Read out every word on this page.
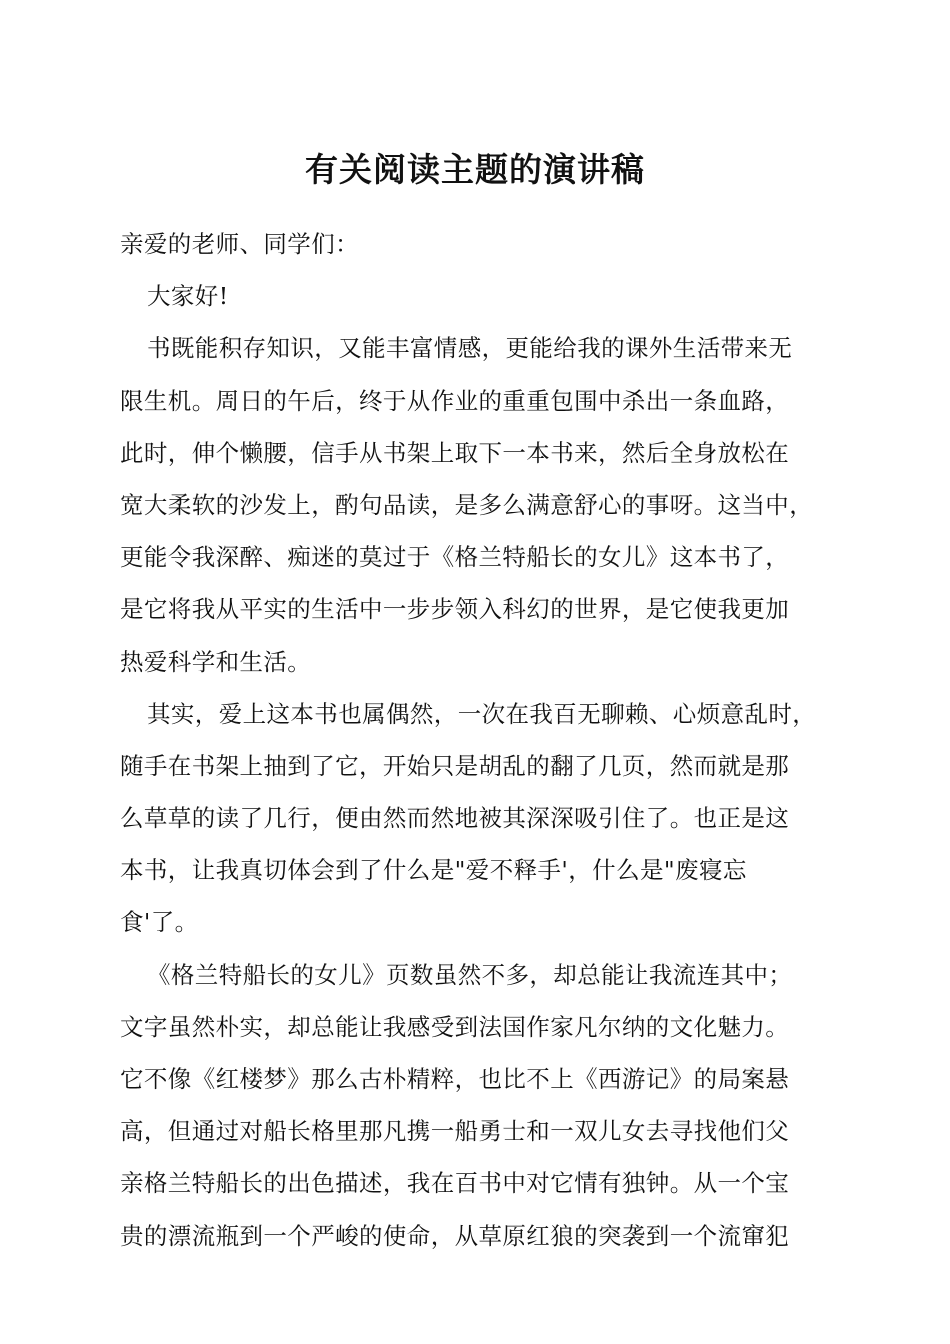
有关阅读主题的演讲稿
亲爱的老师、同学们：
大家好!
书既能积存知识，又能丰富情感，更能给我的课外生活带来无
限生机。周日的午后，终于从作业的重重包围中杀出一条血路，
此时，伸个懒腰，信手从书架上取下一本书来，然后全身放松在
宽大柔软的沙发上，酌句品读，是多么满意舒心的事呀。这当中，
更能令我深醉、痴迷的莫过于《格兰特船长的女儿》这本书了，
是它将我从平实的生活中一步步领入科幻的世界，是它使我更加
热爱科学和生活。
其实，爱上这本书也属偶然，一次在我百无聊赖、心烦意乱时，
随手在书架上抽到了它，开始只是胡乱的翻了几页，然而就是那
么草草的读了几行，便由然而然地被其深深吸引住了。也正是这
本书，让我真切体会到了什么是"爱不释手'，什么是"废寝忘
食'了。
《格兰特船长的女儿》页数虽然不多，却总能让我流连其中；
文字虽然朴实，却总能让我感受到法国作家凡尔纳的文化魅力。
它不像《红楼梦》那么古朴精粹，也比不上《西游记》的局案悬
高，但通过对船长格里那凡携一船勇士和一双儿女去寻找他们父
亲格兰特船长的出色描述，我在百书中对它情有独钟。从一个宝
贵的漂流瓶到一个严峻的使命，从草原红狼的突袭到一个流窜犯
